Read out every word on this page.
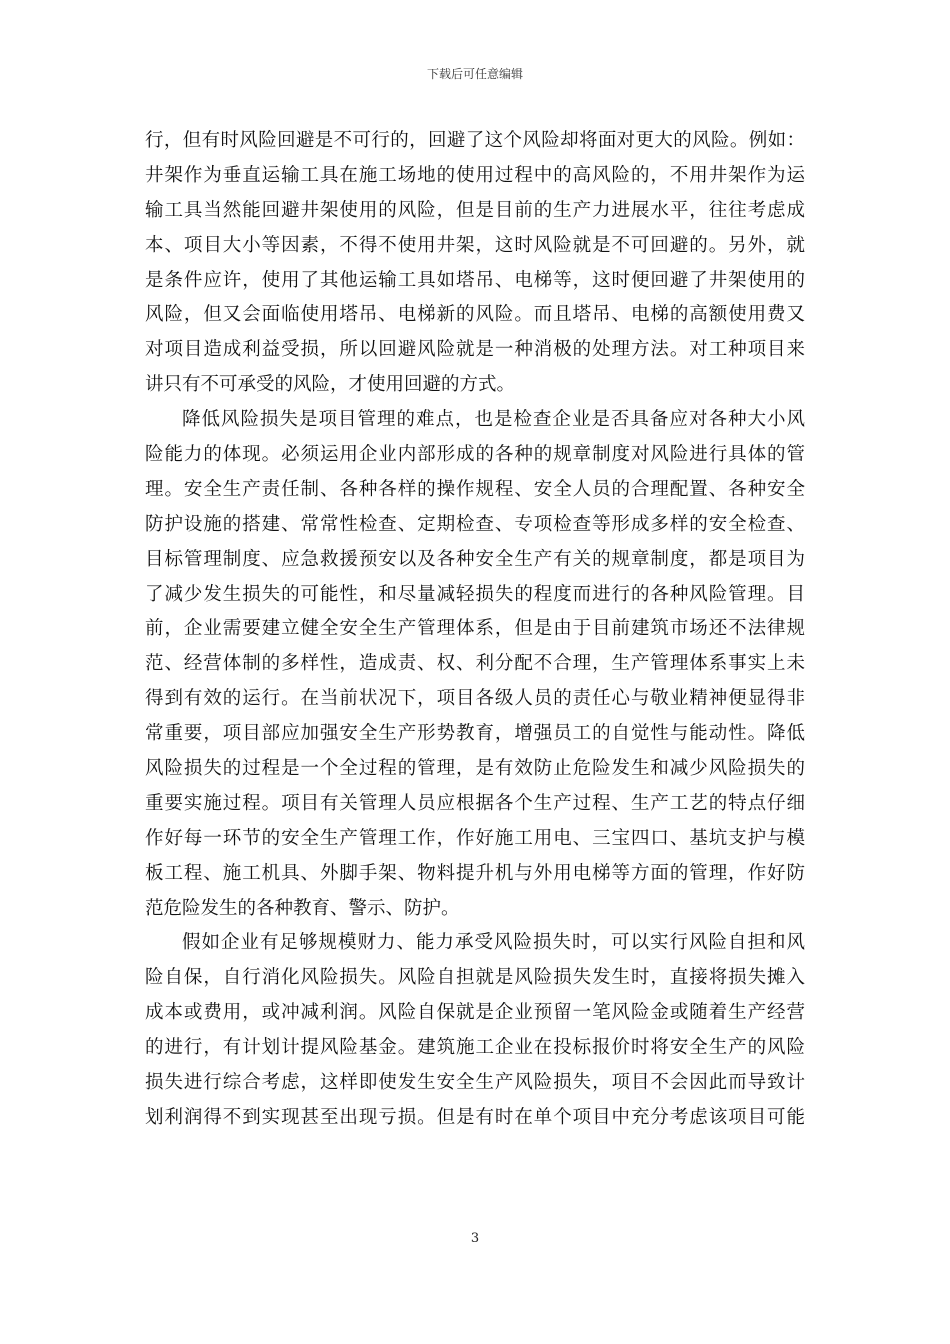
下载后可任意编辑
行，但有时风险回避是不可行的，回避了这个风险却将面对更大的风险。例如：
井架作为垂直运输工具在施工场地的使用过程中的高风险的，不用井架作为运
输工具当然能回避井架使用的风险，但是目前的生产力进展水平，往往考虑成
本、项目大小等因素，不得不使用井架，这时风险就是不可回避的。另外，就
是条件应许，使用了其他运输工具如塔吊、电梯等，这时便回避了井架使用的
风险，但又会面临使用塔吊、电梯新的风险。而且塔吊、电梯的高额使用费又
对项目造成利益受损，所以回避风险就是一种消极的处理方法。对工种项目来
讲只有不可承受的风险，才使用回避的方式。
降低风险损失是项目管理的难点，也是检查企业是否具备应对各种大小风
险能力的体现。必须运用企业内部形成的各种的规章制度对风险进行具体的管
理。安全生产责任制、各种各样的操作规程、安全人员的合理配置、各种安全
防护设施的搭建、常常性检查、定期检查、专项检查等形成多样的安全检查、
目标管理制度、应急救援预安以及各种安全生产有关的规章制度，都是项目为
了减少发生损失的可能性，和尽量减轻损失的程度而进行的各种风险管理。目
前，企业需要建立健全安全生产管理体系，但是由于目前建筑市场还不法律规
范、经营体制的多样性，造成责、权、利分配不合理，生产管理体系事实上未
得到有效的运行。在当前状况下，项目各级人员的责任心与敬业精神便显得非
常重要，项目部应加强安全生产形势教育，增强员工的自觉性与能动性。降低
风险损失的过程是一个全过程的管理，是有效防止危险发生和减少风险损失的
重要实施过程。项目有关管理人员应根据各个生产过程、生产工艺的特点仔细
作好每一环节的安全生产管理工作，作好施工用电、三宝四口、基坑支护与模
板工程、施工机具、外脚手架、物料提升机与外用电梯等方面的管理，作好防
范危险发生的各种教育、警示、防护。
假如企业有足够规模财力、能力承受风险损失时，可以实行风险自担和风
险自保，自行消化风险损失。风险自担就是风险损失发生时，直接将损失摊入
成本或费用，或冲减利润。风险自保就是企业预留一笔风险金或随着生产经营
的进行，有计划计提风险基金。建筑施工企业在投标报价时将安全生产的风险
损失进行综合考虑，这样即使发生安全生产风险损失，项目不会因此而导致计
划利润得不到实现甚至出现亏损。但是有时在单个项目中充分考虑该项目可能
3
